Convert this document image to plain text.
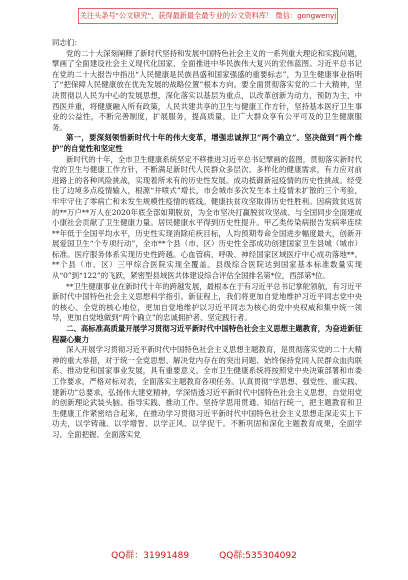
关注头条号"公文研究"，获得最新最全最专业的公文资料库！ 微信：gongwenyj

同志们：

党的二十大深刻阐释了新时代坚持和发展中国特色社会主义的一系列重大理论和实践问题，擘画了全面建设社会主义现代化国家、全面推进中华民族伟大复兴的宏伟蓝图。习近平总书记在党的二十大报告中指出“人民健康是民族昌盛和国家强盛的重要标志”，为卫生健康事业指明了“把保障人民健康放在优先发展的战略位置”根本方向。要全面贯彻落实党的二十大精神，坚决贯彻以人民为中心的发展思想，深化落实以基层为重点，以改革创新为动力，预防为主，中西医并重，将健康融入所有政策，人民共建共享的卫生与健康工作方针，坚持基本医疗卫生事业的公益性，不断完善制度，扩展服务，提高质量，让广大群众享有公平可及的卫生健康服务。

第一，要深刻领悟新时代十年的伟大变革，增强忠诚捍卫“两个确立”、坚决做到“两个维护”的自觉性和坚定性

新时代的十年，全市卫生健康系统坚定不移推进习近平总书记擘画的蓝图，贯彻落实新时代党的卫生与健康工作方针，不断满足新时代人民群众多层次、多样化的健康需求，有力应对前进路上的各种风险挑战，实现着所未有的历史性发展。成功抵御新冠疫情的历史性挑战。经受住了边境多点疫情输入，根源“井喷式”增长，市会城市多次发生本土疫情未扩散的三个考验，牢牢守住了零病亡和未发生规模性疫情的底线。健康扶贫攻坚取得历史性胜利。因病致贫返贫的**万户**万人在2020年底全部如期脱贫，为全市坚决打赢脱贫攻坚战、与全国同步全面建成小康社会贡献了卫生健康力量。居民健康水平得到历史性提升。甲乙类传染病报告发病率连续**年低于全国平均水平，历史性实现消除疟疾目标，人均预期寿命全国进步幅度最大，创新开展爱国卫生“个专项行动”，全市**个县（市、区）历史性全部成功创建国家卫生县城（城市）标准。医疗服务体系实现历史性跨越。心血管病、呼吸、神经国家区域医疗中心成功落地**。**个县（市、区）三甲综合医院实现全覆盖。县级综合医院达到国家基本标准数量实现从“0”到“122”的飞跃，紧密型县域医共体建设综合评估全国排名第*位，西部第*位。

**卫生健康事业在新时代十年的跨越发展，最根本在于有习近平总书记掌舵领航，有习近平新时代中国特色社会主义思想科学指引。新征程上，我们将更加自觉地维护习近平同志党中央的核心、全党的核心地位，更加自觉地维护以习近平同志为核心的党中央权威和集中统一领导，更加自觉地做到“两个确立”的忠诚拥护者、坚定践行者。

二、高标准高质量开展学习贯彻习近平新时代中国特色社会主义思想主题教育，为奋进新征程凝心聚力

深入开展学习贯彻习近平新时代中国特色社会主义思想主题教育，是贯彻落实党的二十大精神的重大举措，对于统一全党思想、解决党内存在的突出问题、始终保持党同人民群众血肉联系、推动党和国家事业发展，具有重要意义。全市卫生健康系统将按照党中央决策部署和市委工作要求，严格对标对表，全面落实主题教育各项任务。认真贯彻“学思想、强党性、重实践、建新功”总要求，弘扬伟大建党精神，学深悟透习近平新时代中国特色社会主义思想，自觉用党的创新理论武装头脑、指导实践、推动工作。坚持学思用贯通、知信行统一，把主题教育和卫生健康工作紧密结合起来，在推动学习贯彻习近平新时代中国特色社会主义思想走深走实上下功夫，以学铸魂、以学增智、以学正风、以学促干。不断巩固和深化主题教育成果，全面学习、全面把握、全面落实党

QQ群：31991489	QQ群:535304092
